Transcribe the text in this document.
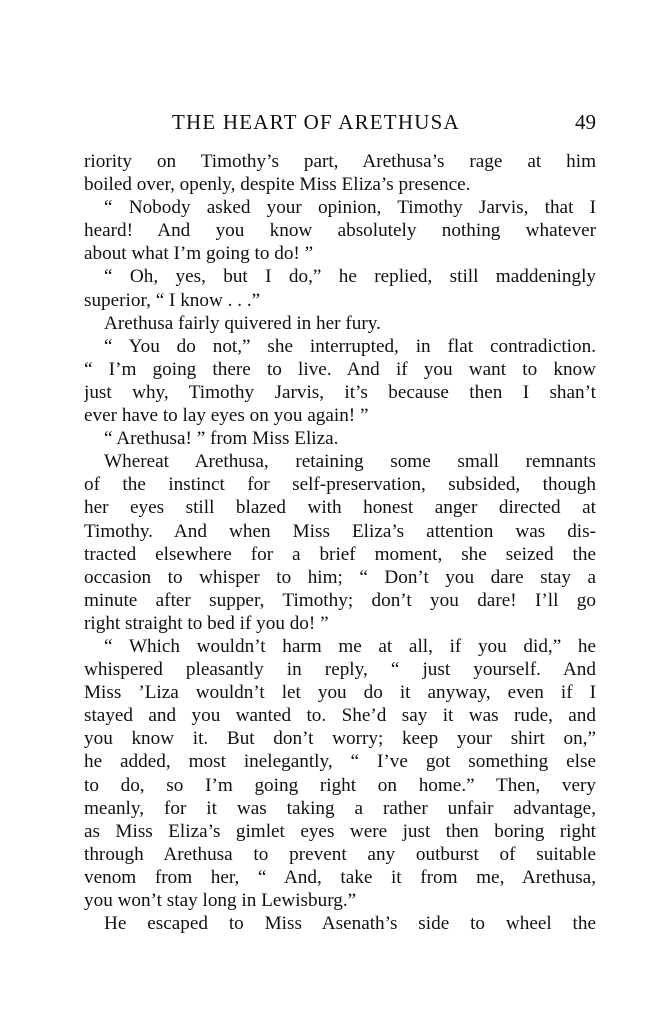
THE HEART OF ARETHUSA	49
riority on Timothy’s part, Arethusa’s rage at him
boiled over, openly, despite Miss Eliza’s presence.
“ Nobody asked your opinion, Timothy Jarvis, that I
heard! And you know absolutely nothing whatever
about what I’m going to do! ”
“ Oh, yes, but I do,” he replied, still maddeningly
superior, “ I know . . .”
Arethusa fairly quivered in her fury.
“ You do not,” she interrupted, in flat contradiction.
“ I’m going there to live. And if you want to know
just why, Timothy Jarvis, it’s because then I shan’t
ever have to lay eyes on you again! ”
“ Arethusa! ” from Miss Eliza.
Whereat Arethusa, retaining some small remnants
of the instinct for self-preservation, subsided, though
her eyes still blazed with honest anger directed at
Timothy. And when Miss Eliza’s attention was dis-
tracted elsewhere for a brief moment, she seized the
occasion to whisper to him; “ Don’t you dare stay a
minute after supper, Timothy; don’t you dare! I’ll go
right straight to bed if you do! ”
“ Which wouldn’t harm me at all, if you did,” he
whispered pleasantly in reply, “ just yourself. And
Miss ’Liza wouldn’t let you do it anyway, even if I
stayed and you wanted to. She’d say it was rude, and
you know it. But don’t worry; keep your shirt on,”
he added, most inelegantly, “ I’ve got something else
to do, so I’m going right on home.” Then, very
meanly, for it was taking a rather unfair advantage,
as Miss Eliza’s gimlet eyes were just then boring right
through Arethusa to prevent any outburst of suitable
venom from her, “ And, take it from me, Arethusa,
you won’t stay long in Lewisburg.”
He escaped to Miss Asenath’s side to wheel the
